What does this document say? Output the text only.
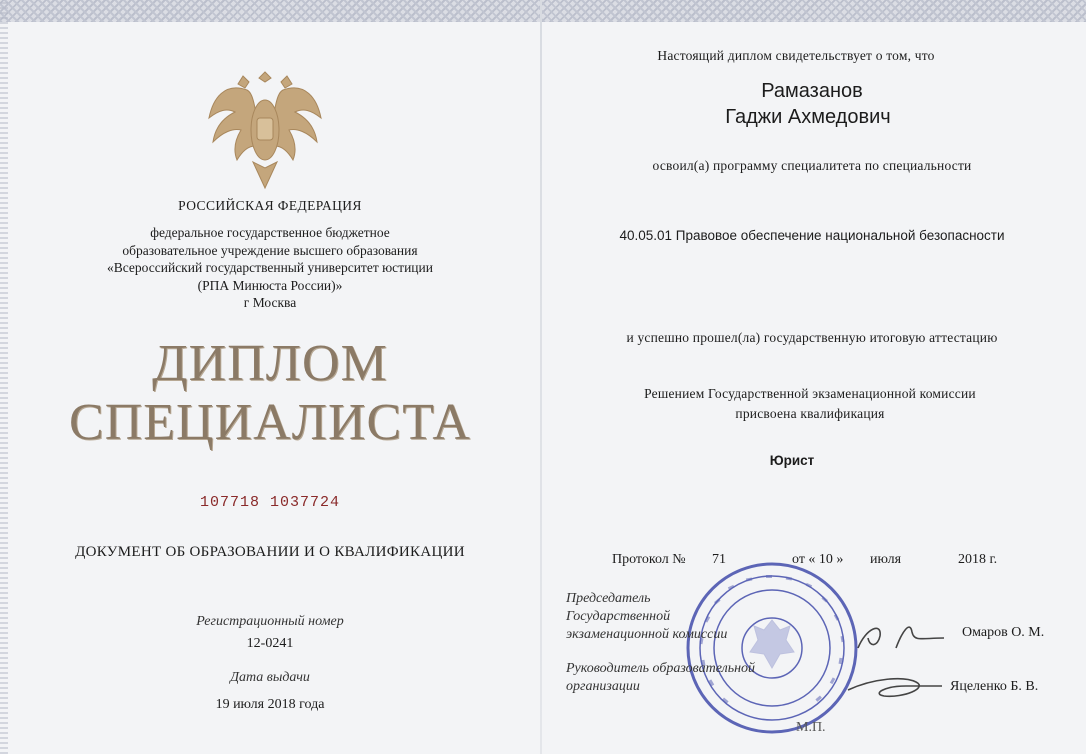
РОССИЙСКАЯ ФЕДЕРАЦИЯ
федеральное государственное бюджетное
образовательное учреждение высшего образования
«Всероссийский государственный университет юстиции
(РПА Минюста России)»
г Москва
ДИПЛОМ
СПЕЦИАЛИСТА
107718 1037724
ДОКУМЕНТ ОБ ОБРАЗОВАНИИ И О КВАЛИФИКАЦИИ
Регистрационный номер
12-0241
Дата выдачи
19 июля 2018 года
Настоящий диплом свидетельствует о том, что
Рамазанов
Гаджи Ахмедович
освоил(а) программу специалитета по специальности
40.05.01 Правовое обеспечение национальной безопасности
и успешно прошел(ла) государственную итоговую аттестацию
Решением Государственной экзаменационной комиссии
присвоена квалификация
Юрист
Протокол № 71	от « 10 » июля	2018 г.
Председатель
Государственной
экзаменационной комиссии
Руководитель образовательной
организации
Омаров О. М.
Яцеленко Б. В.
М.П.
